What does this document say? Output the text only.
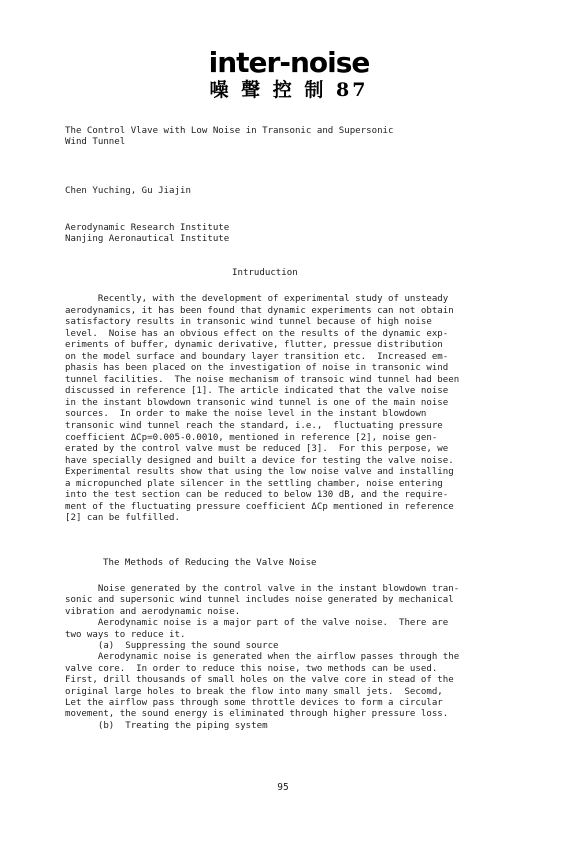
inter-noise
噪 聲 控 制 87
The Control Vlave with Low Noise in Transonic and Supersonic
Wind Tunnel
Chen Yuching, Gu Jiajin
Aerodynamic Research Institute
Nanjing Aeronautical Institute
Intruduction
Recently, with the development of experimental study of unsteady
aerodynamics, it has been found that dynamic experiments can not obtain
satisfactory results in transonic wind tunnel because of high noise
level.  Noise has an obvious effect on the results of the dynamic exp-
eriments of buffer, dynamic derivative, flutter, pressue distribution
on the model surface and boundary layer transition etc.  Increased em-
phasis has been placed on the investigation of noise in transonic wind
tunnel facilities.  The noise mechanism of transoic wind tunnel had been
discussed in reference [1]. The article indicated that the valve noise
in the instant blowdown transonic wind tunnel is one of the main noise
sources.  In order to make the noise level in the instant blowdown
transonic wind tunnel reach the standard, i.e.,  fluctuating pressure
coefficient ΔCp=0.005-0.0010, mentioned in reference [2], noise gen-
erated by the control valve must be reduced [3].  For this perpose, we
have specially designed and built a device for testing the valve noise.
Experimental results show that using the low noise valve and installing
a micropunched plate silencer in the settling chamber, noise entering
into the test section can be reduced to below 130 dB, and the require-
ment of the fluctuating pressure coefficient ΔCp mentioned in reference
[2] can be fulfilled.
The Methods of Reducing the Valve Noise
Noise generated by the control valve in the instant blowdown tran-
sonic and supersonic wind tunnel includes noise generated by mechanical
vibration and aerodynamic noise.
Aerodynamic noise is a major part of the valve noise.  There are
two ways to reduce it.
(a)  Suppressing the sound source
Aerodynamic noise is generated when the airflow passes through the
valve core.  In order to reduce this noise, two methods can be used.
First, drill thousands of small holes on the valve core in stead of the
original large holes to break the flow into many small jets.  Secomd,
Let the airflow pass through some throttle devices to form a circular
movement, the sound energy is eliminated through higher pressure loss.
(b)  Treating the piping system
95
